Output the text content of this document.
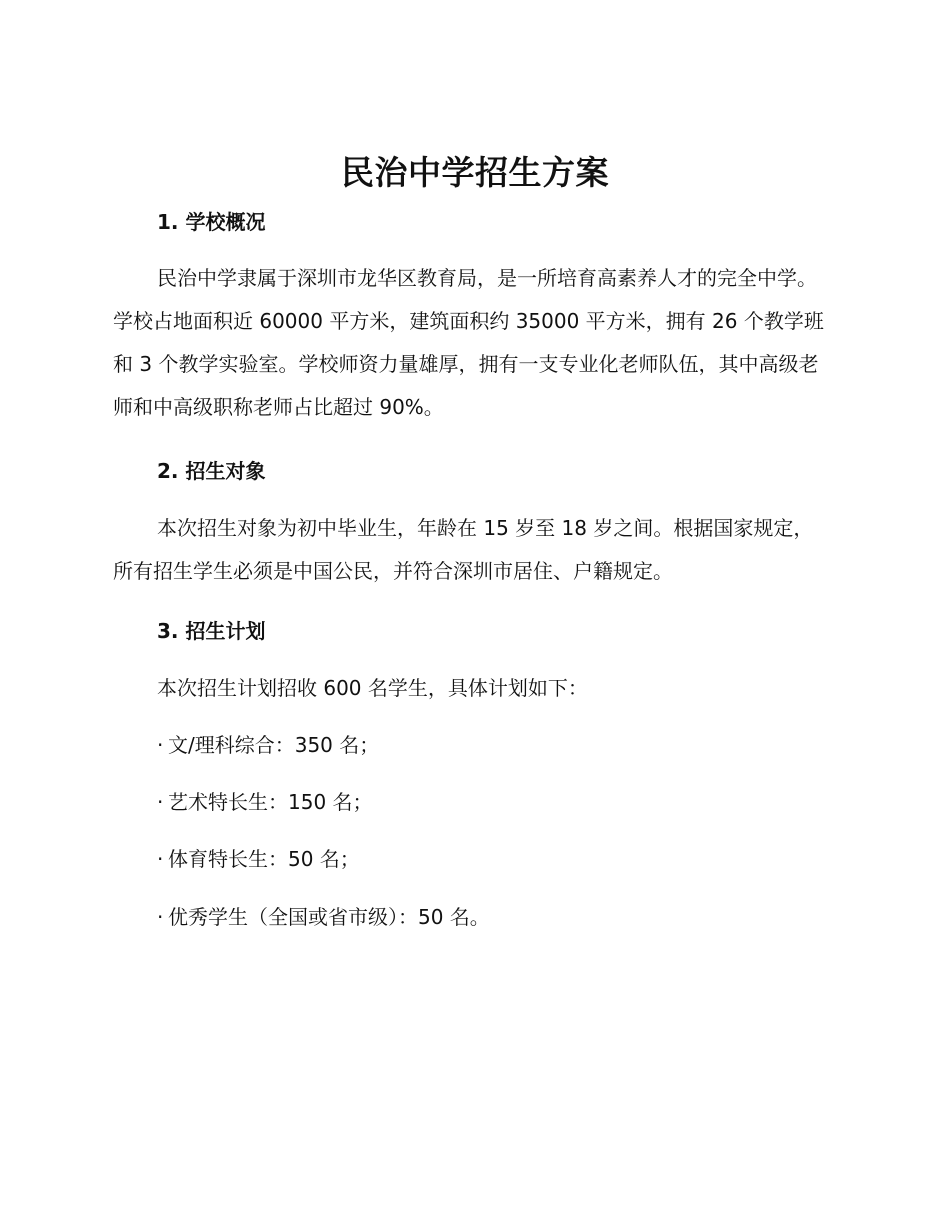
民治中学招生方案
1. 学校概况

民治中学隶属于深圳市龙华区教育局，是一所培育高素养人才的完全中学。学校占地面积近 60000 平方米，建筑面积约 35000 平方米，拥有 26 个教学班和 3 个教学实验室。学校师资力量雄厚，拥有一支专业化老师队伍，其中高级老师和中高级职称老师占比超过 90%。

2. 招生对象

本次招生对象为初中毕业生，年龄在 15 岁至 18 岁之间。根据国家规定，所有招生学生必须是中国公民，并符合深圳市居住、户籍规定。

3. 招生计划

本次招生计划招收 600 名学生，具体计划如下：

· 文/理科综合：350 名；
· 艺术特长生：150 名；
· 体育特长生：50 名；
· 优秀学生（全国或省市级）：50 名。
